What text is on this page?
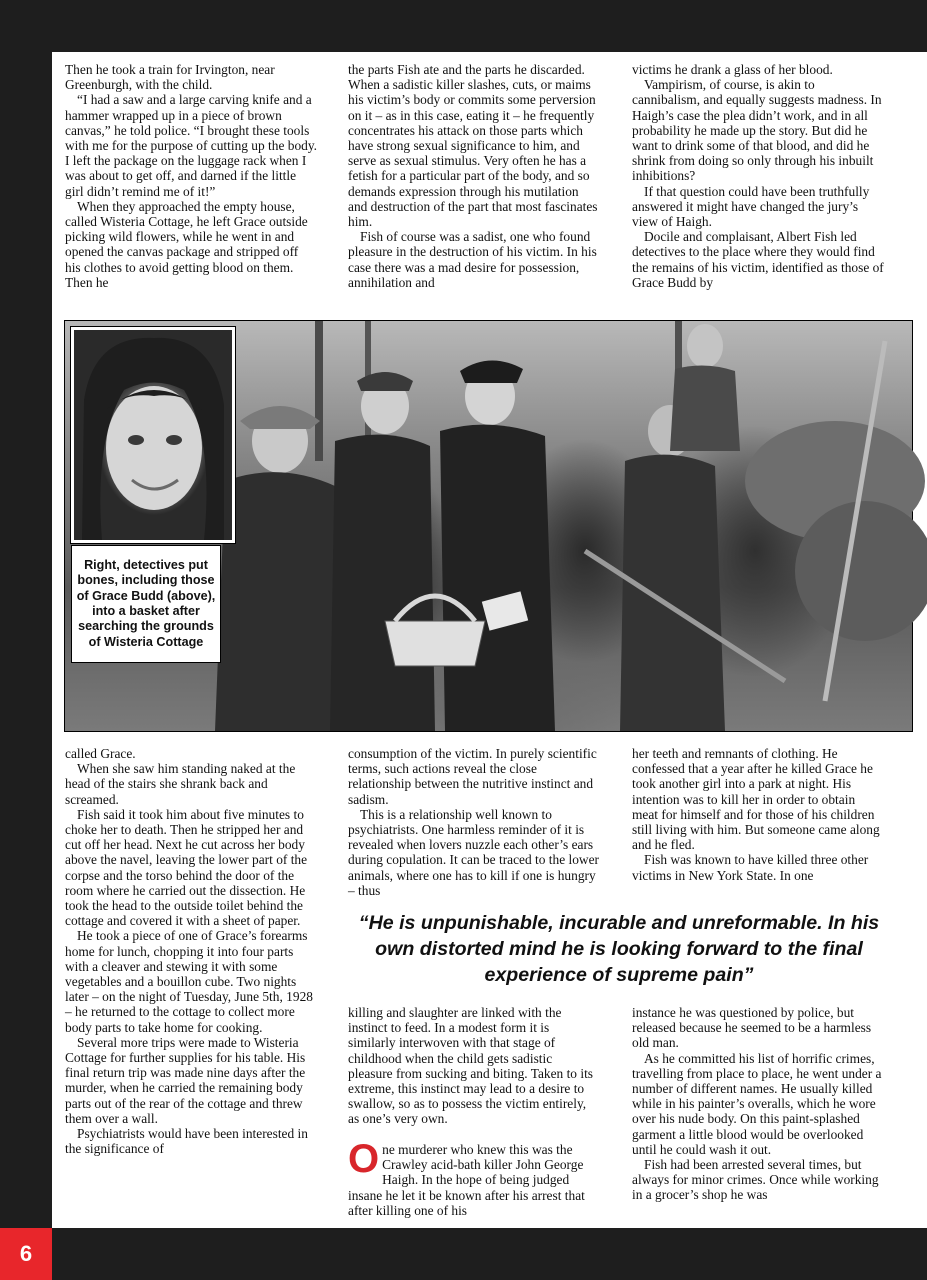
Then he took a train for Irvington, near Greenburgh, with the child.

“I had a saw and a large carving knife and a hammer wrapped up in a piece of brown canvas,” he told police. “I brought these tools with me for the purpose of cutting up the body. I left the package on the luggage rack when I was about to get off, and darned if the little girl didn’t remind me of it!”

When they approached the empty house, called Wisteria Cottage, he left Grace outside picking wild flowers, while he went in and opened the canvas package and stripped off his clothes to avoid getting blood on them. Then he

the parts Fish ate and the parts he discarded. When a sadistic killer slashes, cuts, or maims his victim’s body or commits some perversion on it – as in this case, eating it – he frequently concentrates his attack on those parts which have strong sexual significance to him, and serve as sexual stimulus. Very often he has a fetish for a particular part of the body, and so demands expression through his mutilation and destruction of the part that most fascinates him.

Fish of course was a sadist, one who found pleasure in the destruction of his victim. In his case there was a mad desire for possession, annihilation and

victims he drank a glass of her blood.

Vampirism, of course, is akin to cannibalism, and equally suggests madness. In Haigh’s case the plea didn’t work, and in all probability he made up the story. But did he want to drink some of that blood, and did he shrink from doing so only through his inbuilt inhibitions?

If that question could have been truthfully answered it might have changed the jury’s view of Haigh.

Docile and complaisant, Albert Fish led detectives to the place where they would find the remains of his victim, identified as those of Grace Budd by

Right, detectives put bones, including those of Grace Budd (above), into a basket after searching the grounds of Wisteria Cottage

called Grace.

When she saw him standing naked at the head of the stairs she shrank back and screamed.

Fish said it took him about five minutes to choke her to death. Then he stripped her and cut off her head. Next he cut across her body above the navel, leaving the lower part of the corpse and the torso behind the door of the room where he carried out the dissection. He took the head to the outside toilet behind the cottage and covered it with a sheet of paper.

He took a piece of one of Grace’s forearms home for lunch, chopping it into four parts with a cleaver and stewing it with some vegetables and a bouillon cube. Two nights later – on the night of Tuesday, June 5th, 1928 – he returned to the cottage to collect more body parts to take home for cooking.

Several more trips were made to Wisteria Cottage for further supplies for his table. His final return trip was made nine days after the murder, when he carried the remaining body parts out of the rear of the cottage and threw them over a wall.

Psychiatrists would have been interested in the significance of

consumption of the victim. In purely scientific terms, such actions reveal the close relationship between the nutritive instinct and sadism.

This is a relationship well known to psychiatrists. One harmless reminder of it is revealed when lovers nuzzle each other’s ears during copulation. It can be traced to the lower animals, where one has to kill if one is hungry – thus

her teeth and remnants of clothing. He confessed that a year after he killed Grace he took another girl into a park at night. His intention was to kill her in order to obtain meat for himself and for those of his children still living with him. But someone came along and he fled.

Fish was known to have killed three other victims in New York State. In one

“He is unpunishable, incurable and unreformable. In his own distorted mind he is looking forward to the final experience of supreme pain”

killing and slaughter are linked with the instinct to feed. In a modest form it is similarly interwoven with that stage of childhood when the child gets sadistic pleasure from sucking and biting. Taken to its extreme, this instinct may lead to a desire to swallow, so as to possess the victim entirely, as one’s very own.

One murderer who knew this was the Crawley acid-bath killer John George Haigh. In the hope of being judged insane he let it be known after his arrest that after killing one of his

instance he was questioned by police, but released because he seemed to be a harmless old man.

As he committed his list of horrific crimes, travelling from place to place, he went under a number of different names. He usually killed while in his painter’s overalls, which he wore over his nude body. On this paint-splashed garment a little blood would be overlooked until he could wash it out.

Fish had been arrested several times, but always for minor crimes. Once while working in a grocer’s shop he was

6
